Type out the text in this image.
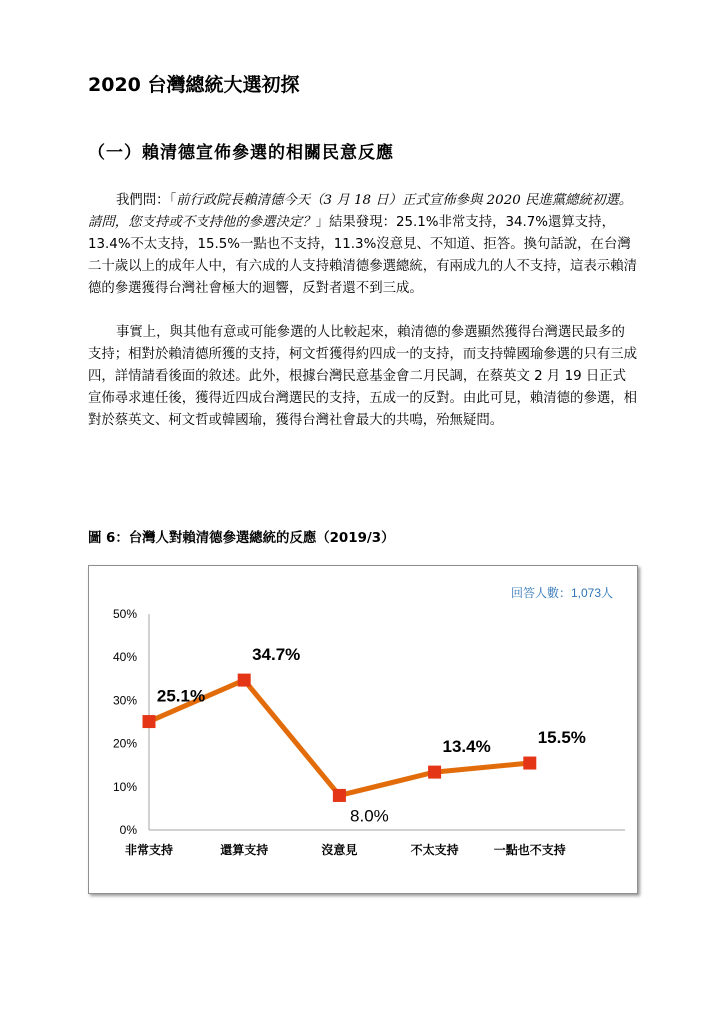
2020 台灣總統大選初探
（一）賴清德宣佈參選的相關民意反應

我們問：「前行政院長賴清德今天（3 月 18 日）正式宣佈參與 2020 民進黨總統初選。請問，您支持或不支持他的參選決定？」結果發現：25.1%非常支持，34.7%還算支持，13.4%不太支持，15.5%一點也不支持，11.3%沒意見、不知道、拒答。換句話說，在台灣二十歲以上的成年人中，有六成的人支持賴清德參選總統，有兩成九的人不支持，這表示賴清德的參選獲得台灣社會極大的迴響，反對者還不到三成。

事實上，與其他有意或可能參選的人比較起來，賴清德的參選顯然獲得台灣選民最多的支持；相對於賴清德所獲的支持，柯文哲獲得約四成一的支持，而支持韓國瑜參選的只有三成四，詳情請看後面的敘述。此外，根據台灣民意基金會二月民調，在蔡英文 2 月 19 日正式宣佈尋求連任後，獲得近四成台灣選民的支持，五成一的反對。由此可見，賴清德的參選，相對於蔡英文、柯文哲或韓國瑜，獲得台灣社會最大的共鳴，殆無疑問。

圖 6：台灣人對賴清德參選總統的反應（2019/3）

0%
10%
20%
30%
40%
50%
非常支持	還算支持	沒意見	不太支持	一點也不支持
25.1%
34.7%
8.0%
13.4%	15.5%
回答人數：1,073人
